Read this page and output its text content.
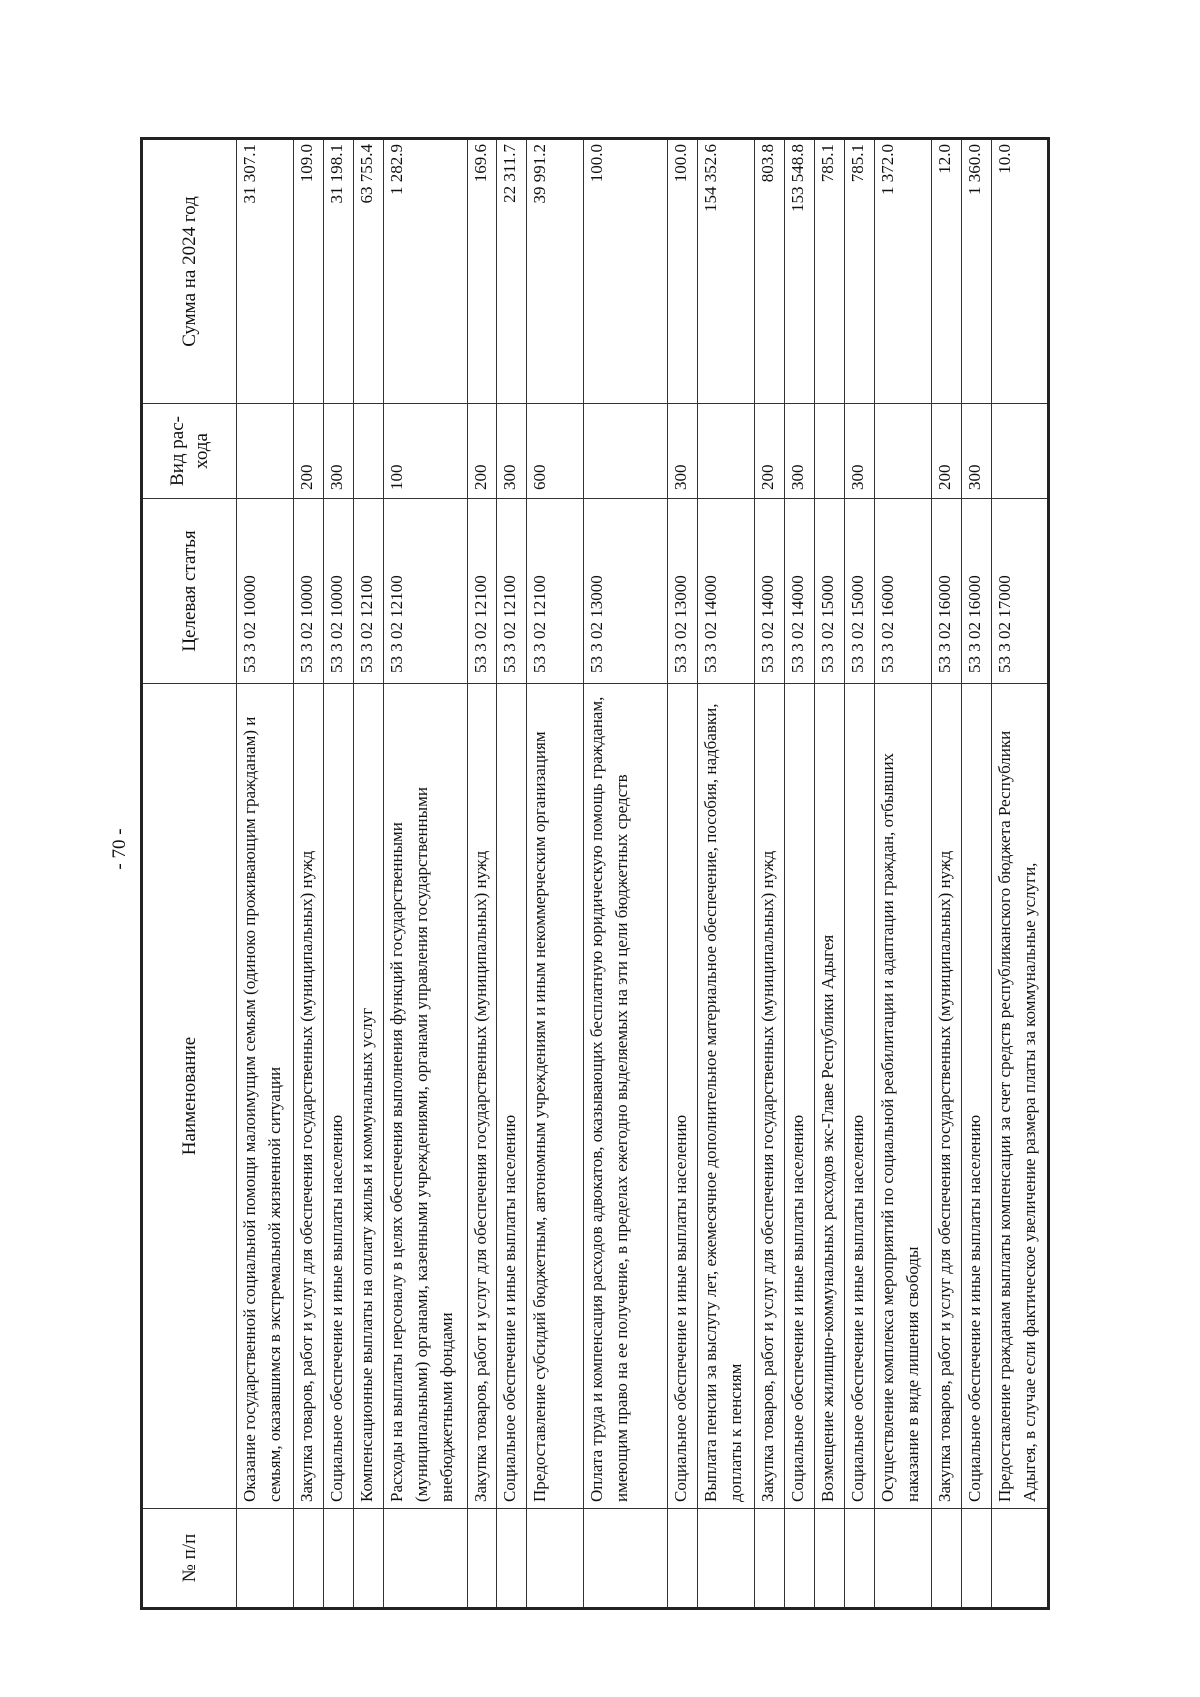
- 70 -
№ п/п	Наименование	Целевая статья	Вид рас- хода	Сумма на 2024 год
	Оказание государственной социальной помощи малоимущим семьям (одиноко проживающим гражданам) и семьям, оказавшимся в экстремальной жизненной ситуации	53 3 02 10000		31 307.1
	Закупка товаров, работ и услуг для обеспечения государственных (муниципальных) нужд	53 3 02 10000	200	109.0
	Социальное обеспечение и иные выплаты населению	53 3 02 10000	300	31 198.1
	Компенсационные выплаты на оплату жилья и коммунальных услуг	53 3 02 12100		63 755.4
	Расходы на выплаты персоналу в целях обеспечения выполнения функций государственными (муниципальными) органами, казенными учреждениями, органами управления государственными внебюджетными фондами	53 3 02 12100	100	1 282.9
	Закупка товаров, работ и услуг для обеспечения государственных (муниципальных) нужд	53 3 02 12100	200	169.6
	Социальное обеспечение и иные выплаты населению	53 3 02 12100	300	22 311.7
	Предоставление субсидий бюджетным, автономным учреждениям и иным некоммерческим организациям	53 3 02 12100	600	39 991.2
	Оплата труда и компенсация расходов адвокатов, оказывающих бесплатную юридическую помощь гражданам, имеющим право на ее получение, в пределах ежегодно выделяемых на эти цели бюджетных средств	53 3 02 13000		100.0
	Социальное обеспечение и иные выплаты населению	53 3 02 13000	300	100.0
	Выплата пенсии за выслугу лет, ежемесячное дополнительное материальное обеспечение, пособия, надбавки, доплаты к пенсиям	53 3 02 14000		154 352.6
	Закупка товаров, работ и услуг для обеспечения государственных (муниципальных) нужд	53 3 02 14000	200	803.8
	Социальное обеспечение и иные выплаты населению	53 3 02 14000	300	153 548.8
	Возмещение жилищно-коммунальных расходов экс-Главе Республики Адыгея	53 3 02 15000		785.1
	Социальное обеспечение и иные выплаты населению	53 3 02 15000	300	785.1
	Осуществление комплекса мероприятий по социальной реабилитации и адаптации граждан, отбывших наказание в виде лишения свободы	53 3 02 16000		1 372.0
	Закупка товаров, работ и услуг для обеспечения государственных (муниципальных) нужд	53 3 02 16000	200	12.0
	Социальное обеспечение и иные выплаты населению	53 3 02 16000	300	1 360.0
	Предоставление гражданам выплаты компенсации за счет средств республиканского бюджета Республики Адыгея, в случае если фактическое увеличение размера платы за коммунальные услуги,	53 3 02 17000		10.0
